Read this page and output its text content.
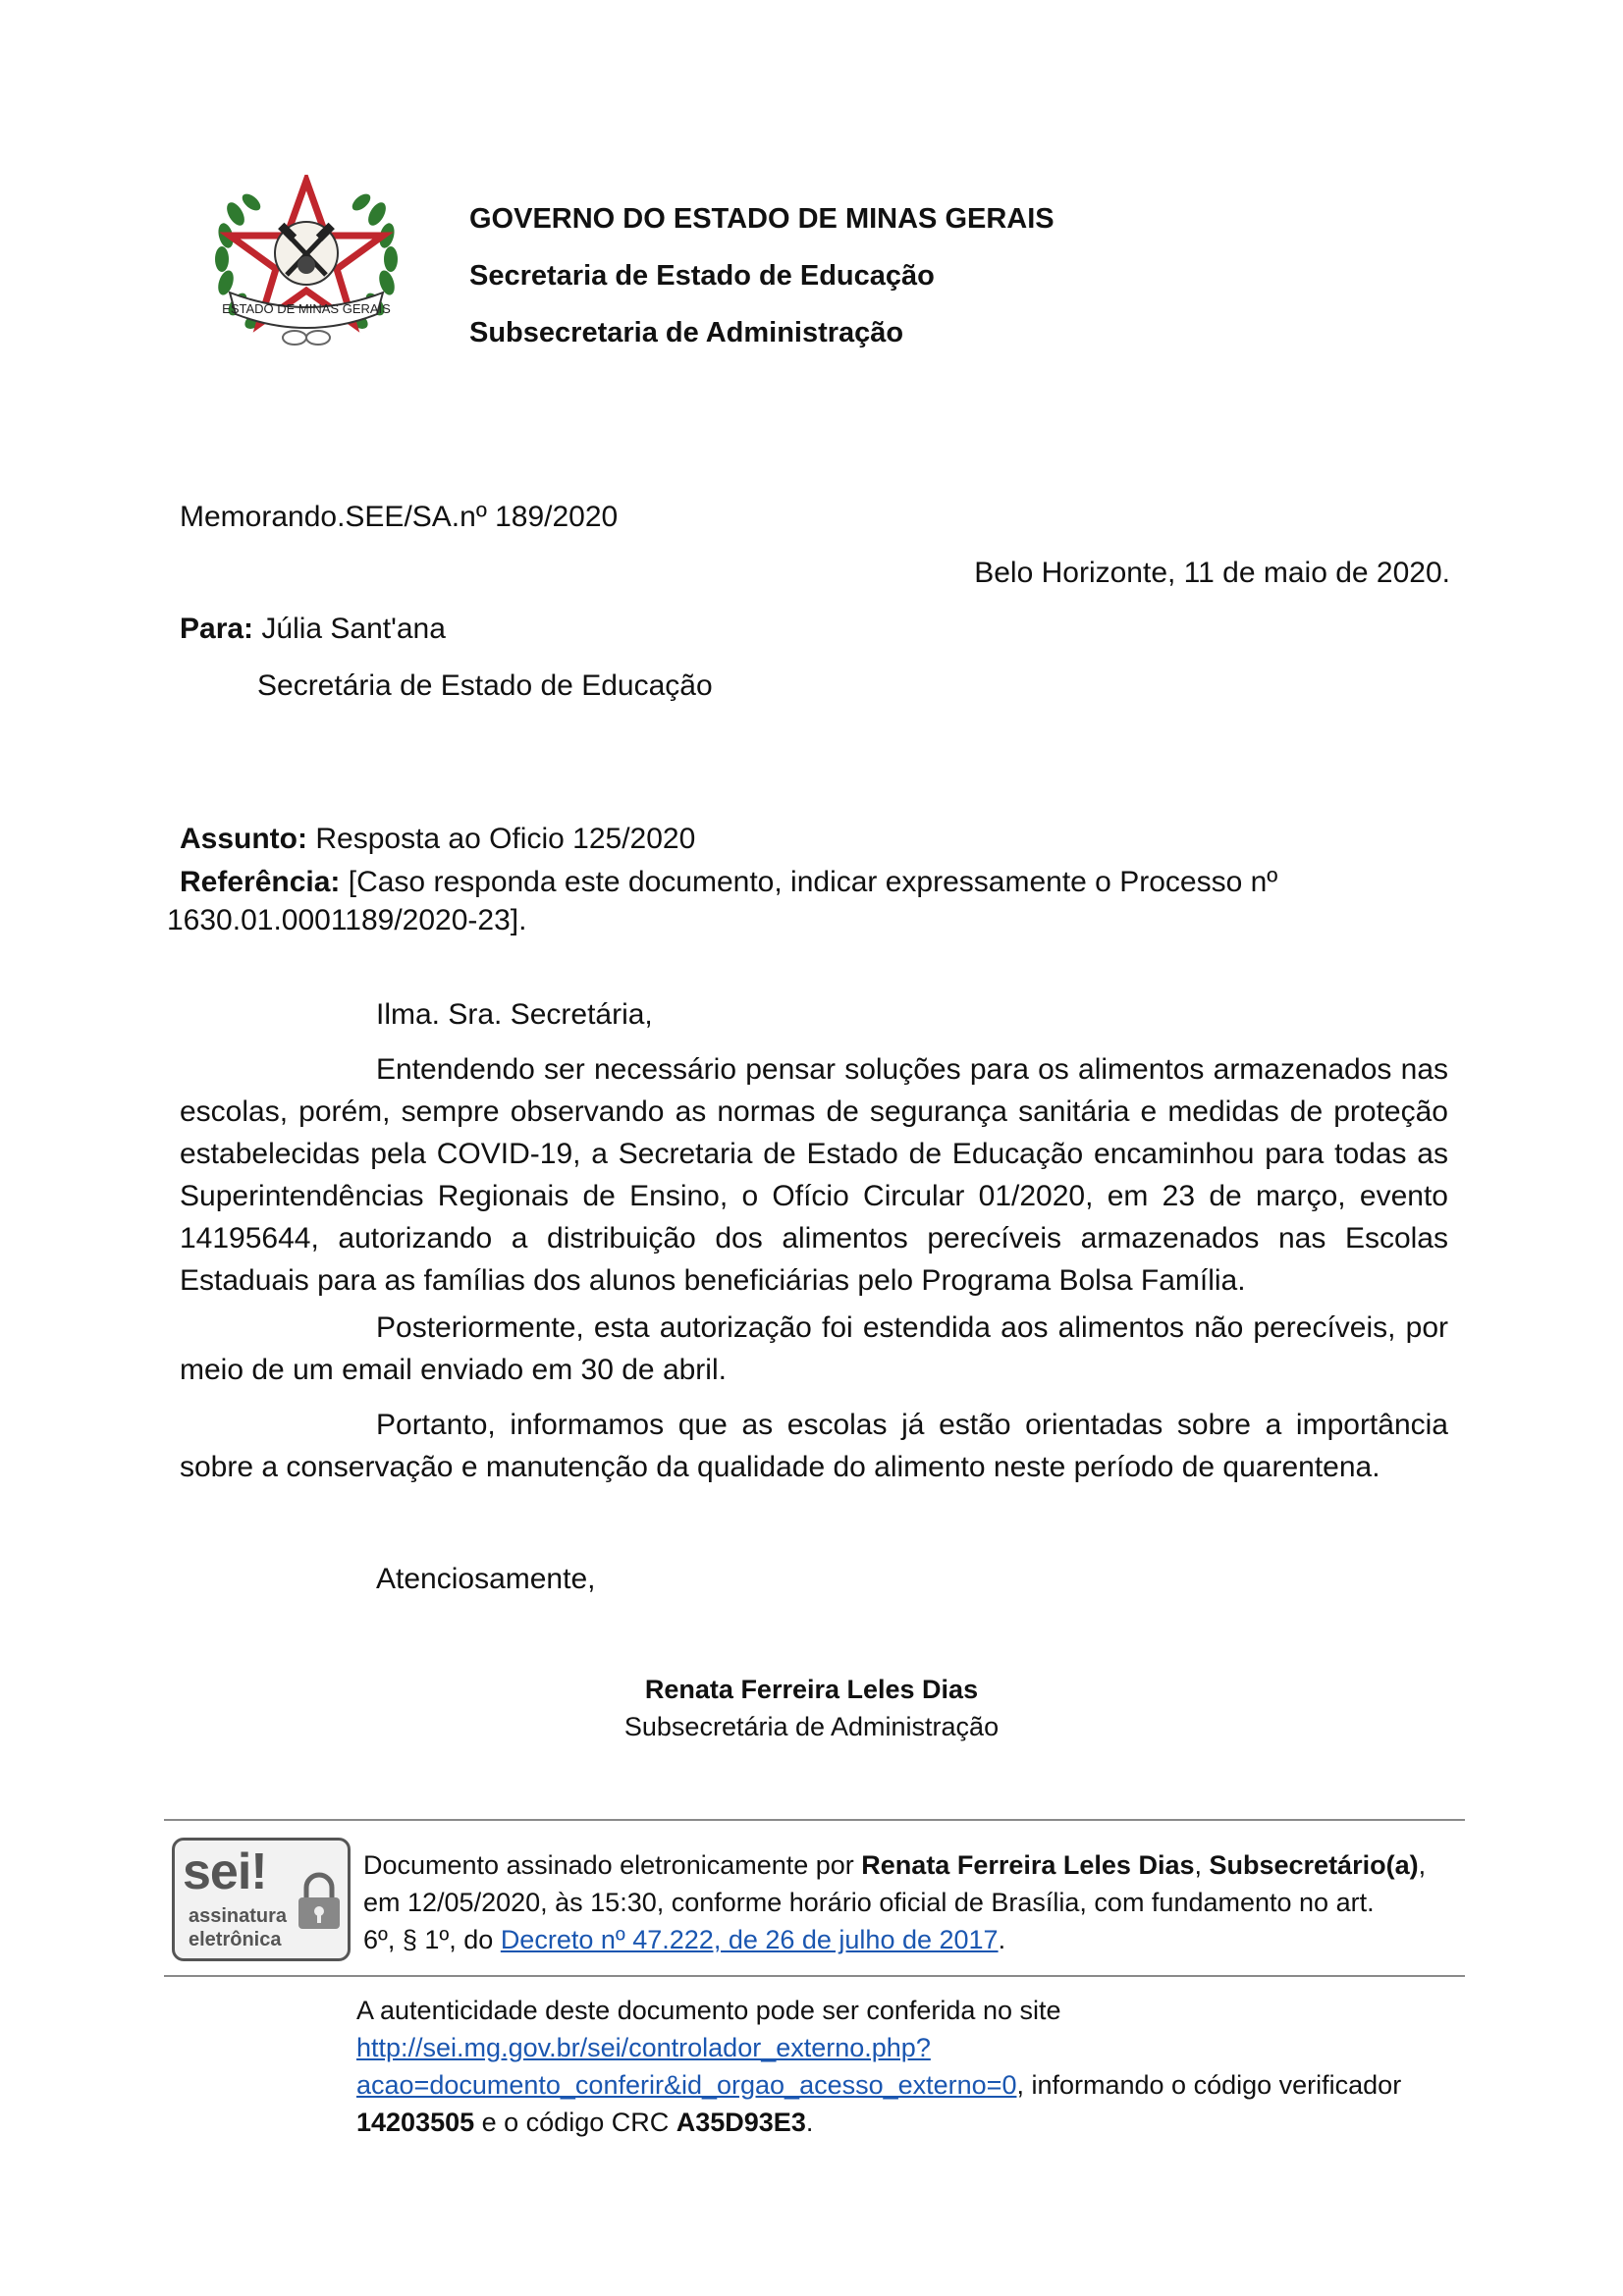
ESTADO DE MINAS GERAIS
GOVERNO DO ESTADO DE MINAS GERAIS
Secretaria de Estado de Educação
Subsecretaria de Administração
Memorando.SEE/SA.nº 189/2020
Belo Horizonte, 11 de maio de 2020.
Para: Júlia Sant'ana
Secretária de Estado de Educação
Assunto: Resposta ao Oficio 125/2020
Referência: [Caso responda este documento, indicar expressamente o Processo nº
1630.01.0001189/2020-23].
Ilma. Sra. Secretária,
Entendendo ser necessário pensar soluções para os alimentos armazenados nas escolas, porém, sempre observando as normas de segurança sanitária e medidas de proteção estabelecidas pela COVID-19, a Secretaria de Estado de Educação encaminhou para todas as Superintendências Regionais de Ensino, o Ofício Circular 01/2020, em 23 de março, evento 14195644, autorizando a distribuição dos alimentos perecíveis armazenados nas Escolas Estaduais para as famílias dos alunos beneficiárias pelo Programa Bolsa Família.
Posteriormente, esta autorização foi estendida aos alimentos não perecíveis, por meio de um email enviado em 30 de abril.
Portanto, informamos que as escolas já estão orientadas sobre a importância sobre a conservação e manutenção da qualidade do alimento neste período de quarentena.
Atenciosamente,
Renata Ferreira Leles Dias
Subsecretária de Administração
sei!
assinatura
eletrônica
Documento assinado eletronicamente por Renata Ferreira Leles Dias, Subsecretário(a),
em 12/05/2020, às 15:30, conforme horário oficial de Brasília, com fundamento no art.
6º, § 1º, do Decreto nº 47.222, de 26 de julho de 2017.
A autenticidade deste documento pode ser conferida no site
http://sei.mg.gov.br/sei/controlador_externo.php?
acao=documento_conferir&id_orgao_acesso_externo=0, informando o código verificador
14203505 e o código CRC A35D93E3.
